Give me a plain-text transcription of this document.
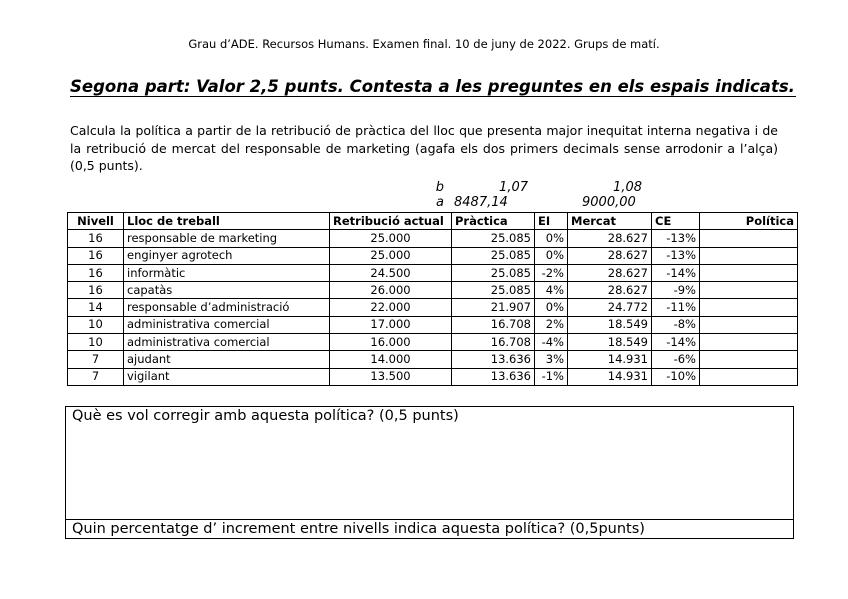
Grau d’ADE. Recursos Humans. Examen final. 10 de juny de 2022. Grups de matí.
Segona part: Valor 2,5 punts. Contesta a les preguntes en els espais indicats.
Calcula la política a partir de la retribució de pràctica del lloc que presenta major inequitat interna negativa i de la retribució de mercat del responsable de marketing (agafa els dos primers decimals sense arrodonir a l’alça) (0,5 punts).
b	1,07	1,08
a 8487,14	9000,00
Nivell	Lloc de treball	Retribució actual	Pràctica	EI	Mercat	CE	Política
16	responsable de marketing	25.000	25.085	0%	28.627	-13%	
16	enginyer agrotech	25.000	25.085	0%	28.627	-13%	
16	informàtic	24.500	25.085	-2%	28.627	-14%	
16	capatàs	26.000	25.085	4%	28.627	-9%	
14	responsable d’administració	22.000	21.907	0%	24.772	-11%	
10	administrativa comercial	17.000	16.708	2%	18.549	-8%	
10	administrativa comercial	16.000	16.708	-4%	18.549	-14%	
7	ajudant	14.000	13.636	3%	14.931	-6%	
7	vigilant	13.500	13.636	-1%	14.931	-10%	
Què es vol corregir amb aquesta política? (0,5 punts)
Quin percentatge d’ increment entre nivells indica aquesta política? (0,5punts)
